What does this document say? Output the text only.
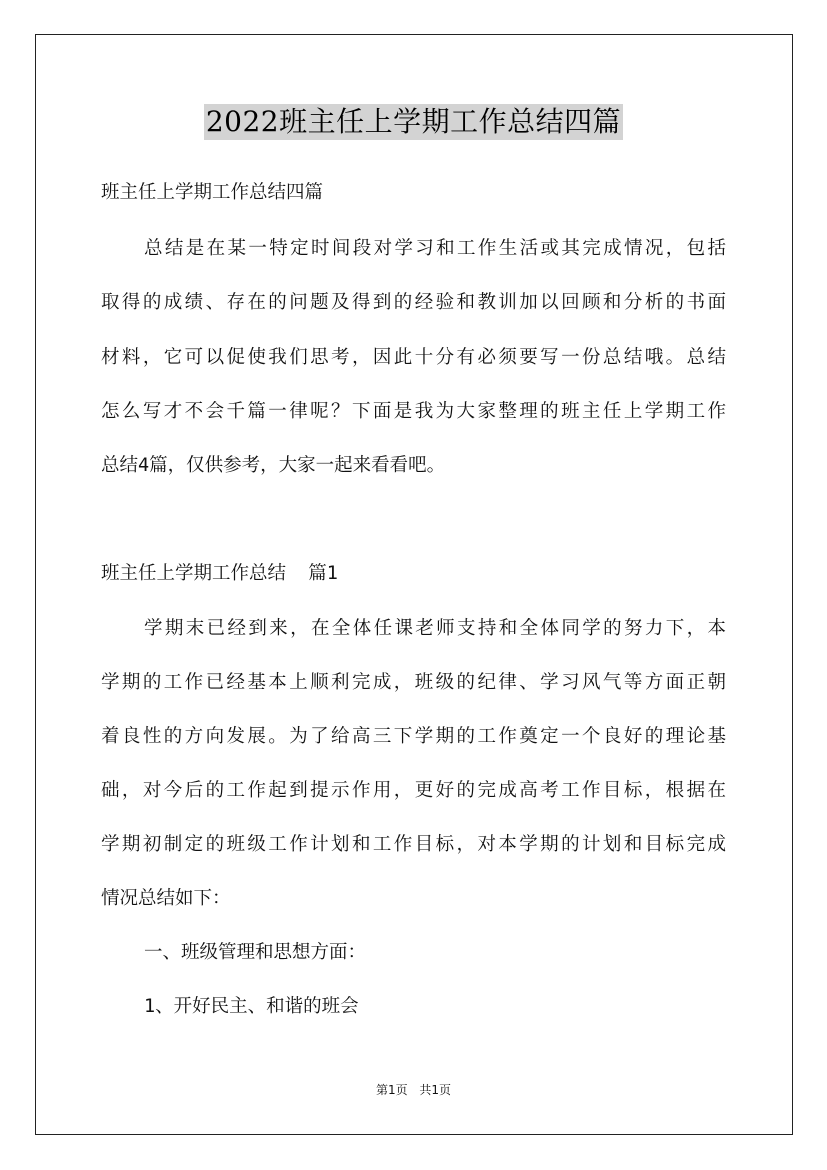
2022班主任上学期工作总结四篇

班主任上学期工作总结四篇

总结是在某一特定时间段对学习和工作生活或其完成情况，包括

取得的成绩、存在的问题及得到的经验和教训加以回顾和分析的书面

材料，它可以促使我们思考，因此十分有必须要写一份总结哦。总结

怎么写才不会千篇一律呢？下面是我为大家整理的班主任上学期工作

总结4篇，仅供参考，大家一起来看看吧。

班主任上学期工作总结  篇1

学期末已经到来，在全体任课老师支持和全体同学的努力下，本

学期的工作已经基本上顺利完成，班级的纪律、学习风气等方面正朝

着良性的方向发展。为了给高三下学期的工作奠定一个良好的理论基

础，对今后的工作起到提示作用，更好的完成高考工作目标，根据在

学期初制定的班级工作计划和工作目标，对本学期的计划和目标完成

情况总结如下：

一、班级管理和思想方面：

1、开好民主、和谐的班会

第1页 共1页
